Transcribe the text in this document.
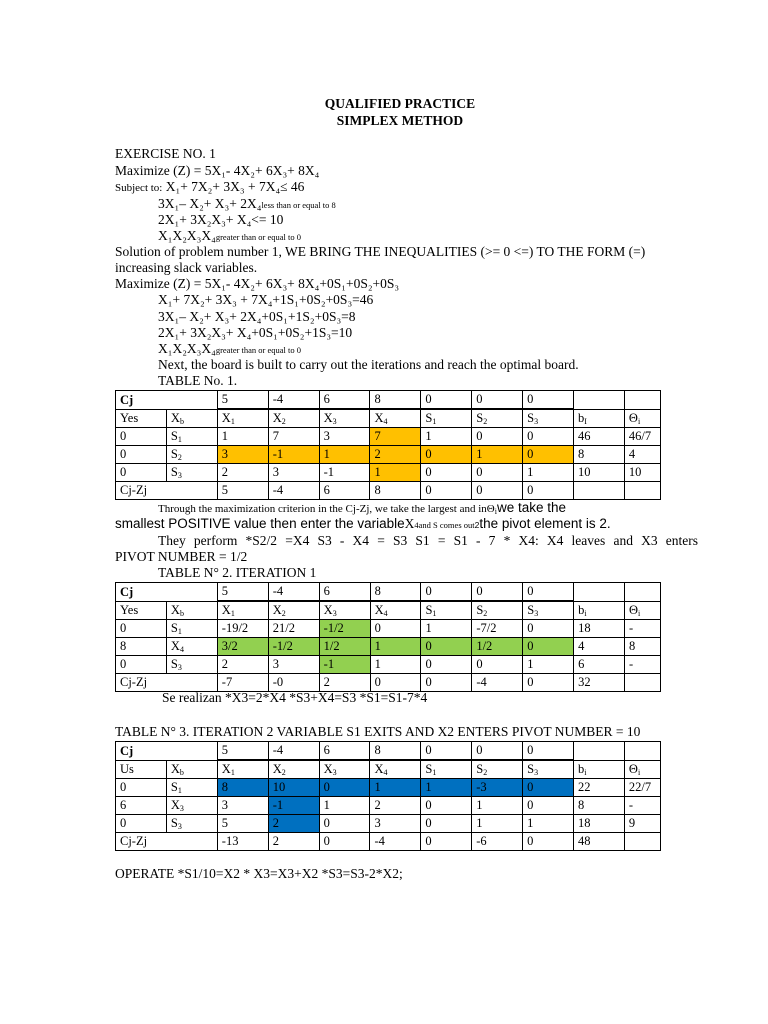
QUALIFIED PRACTICE
SIMPLEX METHOD
EXERCISE NO. 1
Maximize (Z) = 5X₁- 4X₂+ 6X₃+ 8X₄
Subject to: X₁+ 7X₂+ 3X₃ + 7X₄≤ 46
3X₁– X₂+ X₃+ 2X₄less than or equal to 8
2X₁+ 3X₂X₃+ X₄<= 10
X₁X₂X₃X₄greater than or equal to 0
Solution of problem number 1, WE BRING THE INEQUALITIES (>= 0 <=) TO THE FORM (=)
increasing slack variables.
Maximize (Z) = 5X₁- 4X₂+ 6X₃+ 8X₄+0S₁+0S₂+0S₃
X₁+ 7X₂+ 3X₃ + 7X₄+1S₁+0S₂+0S₃=46
3X₁– X₂+ X₃+ 2X₄+0S₁+1S₂+0S₃=8
2X₁+ 3X₂X₃+ X₄+0S₁+0S₂+1S₃=10
X₁X₂X₃X₄greater than or equal to 0
Next, the board is built to carry out the iterations and reach the optimal board.
TABLE No. 1.
Cj		5	-4	6	8	0	0	0		

Yes	$X_b$	$X_1$	$X_2$	$X_3$	$X_4$	$S_1$	$S_2$	$S_3$	$b_I$	$\Theta_i$
0	$S_1$	1	7	3	7	1	0	0	46	46/7
0	$S_2$	3	-1	1	2	0	1	0	8	4
0	$S_3$	2	3	-1	1	0	0	1	10	10
Cj-Zj		5	-4	6	8	0	0	0		
Through the maximization criterion in the Cj-Zj, we take the largest and inΘ$_i$we take the
smallest POSITIVE value then enter the variableX4and S comes out2the pivot element is 2.
They perform *S2/2 =X4 S3 - X4 = S3 S1 = S1 - 7 * X4: X4 leaves and X3 enters
PIVOT NUMBER = 1/2
TABLE N° 2. ITERATION 1
Cj		5	-4	6	8	0	0	0		

Yes	$X_b$	$X_1$	$X_2$	$X_3$	$X_4$	$S_1$	$S_2$	$S_3$	$b_i$	$\Theta_i$
0	$S_1$	-19/2	21/2	-1/2	0	1	-7/2	0	18	-
8	$X_4$	3/2	-1/2	1/2	1	0	1/2	0	4	8
0	$S_3$	2	3	-1	1	0	0	1	6	-
Cj-Zj		-7	-0	2	0	0	-4	0	32	
Se realizan *X3=2*X4 *S3+X4=S3 *S1=S1-7*4
TABLE N° 3. ITERATION 2 VARIABLE S1 EXITS AND X2 ENTERS PIVOT NUMBER = 10
Cj		5	-4	6	8	0	0	0		

Us	$X_b$	$X_1$	$X_2$	$X_3$	$X_4$	$S_1$	$S_2$	$S_3$	$b_i$	$\Theta_i$
0	$S_1$	8	10	0	1	1	-3	0	22	22/7
6	$X_3$	3	-1	1	2	0	1	0	8	-
0	$S_3$	5	2	0	3	0	1	1	18	9
Cj-Zj		-13	2	0	-4	0	-6	0	48	
OPERATE *S1/10=X2 * X3=X3+X2 *S3=S3-2*X2;
